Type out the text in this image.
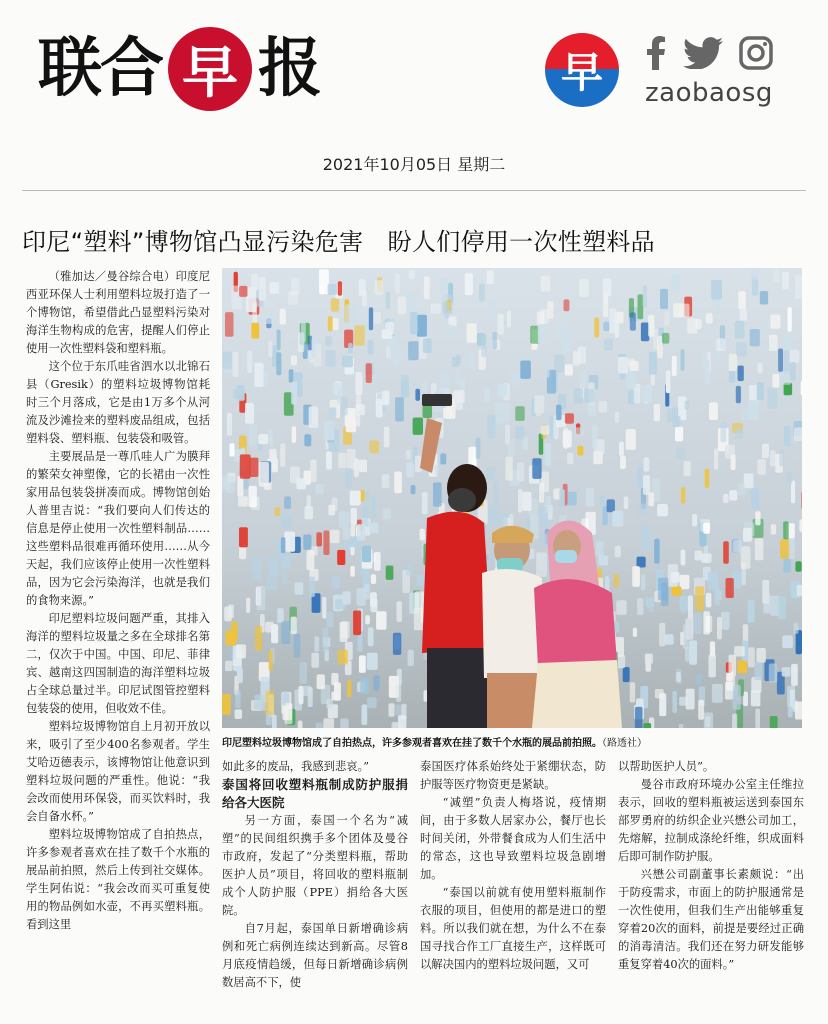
联 合 早 报	早	zaobaosg
2021年10月05日 星期二
印尼“塑料”博物馆凸显污染危害　盼人们停用一次性塑料品

（雅加达／曼谷综合电）印度尼西亚环保人士利用塑料垃圾打造了一个博物馆，希望借此凸显塑料污染对海洋生物构成的危害，提醒人们停止使用一次性塑料袋和塑料瓶。

这个位于东爪哇省泗水以北锦石县（Gresik）的塑料垃圾博物馆耗时三个月落成，它是由1万多个从河流及沙滩捡来的塑料废品组成，包括塑料袋、塑料瓶、包装袋和吸管。

主要展品是一尊爪哇人广为膜拜的繁荣女神塑像，它的长裙由一次性家用品包装袋拼凑而成。博物馆创始人普里吉说：“我们要向人们传达的信息是停止使用一次性塑料制品……这些塑料品很难再循环使用……从今天起，我们应该停止使用一次性塑料品，因为它会污染海洋，也就是我们的食物来源。”

印尼塑料垃圾问题严重，其排入海洋的塑料垃圾量之多在全球排名第二，仅次于中国。中国、印尼、菲律宾、越南这四国制造的海洋塑料垃圾占全球总量过半。印尼试图管控塑料包装袋的使用，但收效不佳。

塑料垃圾博物馆自上月初开放以来，吸引了至少400名参观者。学生艾哈迈德表示，该博物馆让他意识到塑料垃圾问题的严重性。他说：“我会改而使用环保袋，而买饮料时，我会自备水杯。”

塑料垃圾博物馆成了自拍热点，许多参观者喜欢在挂了数千个水瓶的展品前拍照，然后上传到社交媒体。学生阿佑说：“我会改而买可重复使用的物品例如水壶，不再买塑料瓶。看到这里

印尼塑料垃圾博物馆成了自拍热点，许多参观者喜欢在挂了数千个水瓶的展品前拍照。（路透社）

如此多的废品，我感到悲哀。”

泰国将回收塑料瓶制成防护服捐给各大医院

另一方面，泰国一个名为“减塑”的民间组织携手多个团体及曼谷市政府，发起了“分类塑料瓶，帮助医护人员”项目，将回收的塑料瓶制成个人防护服（PPE）捐给各大医院。

自7月起，泰国单日新增确诊病例和死亡病例连续达到新高。尽管8月底疫情趋缓，但每日新增确诊病例数居高不下，使

泰国医疗体系始终处于紧绷状态，防护服等医疗物资更是紧缺。

“减塑”负责人梅塔说，疫情期间，由于多数人居家办公，餐厅也长时间关闭，外带餐食成为人们生活中的常态，这也导致塑料垃圾急剧增加。

“泰国以前就有使用塑料瓶制作衣服的项目，但使用的都是进口的塑料。所以我们就在想，为什么不在泰国寻找合作工厂直接生产，这样既可以解决国内的塑料垃圾问题，又可

以帮助医护人员”。

曼谷市政府环境办公室主任维拉表示，回收的塑料瓶被运送到泰国东部罗勇府的纺织企业兴懋公司加工，先熔解，拉制成涤纶纤维，织成面料后即可制作防护服。

兴懋公司副董事长素颇说：“出于防疫需求，市面上的防护服通常是一次性使用，但我们生产出能够重复穿着20次的面料，前提是要经过正确的消毒清洁。我们还在努力研发能够重复穿着40次的面料。”
